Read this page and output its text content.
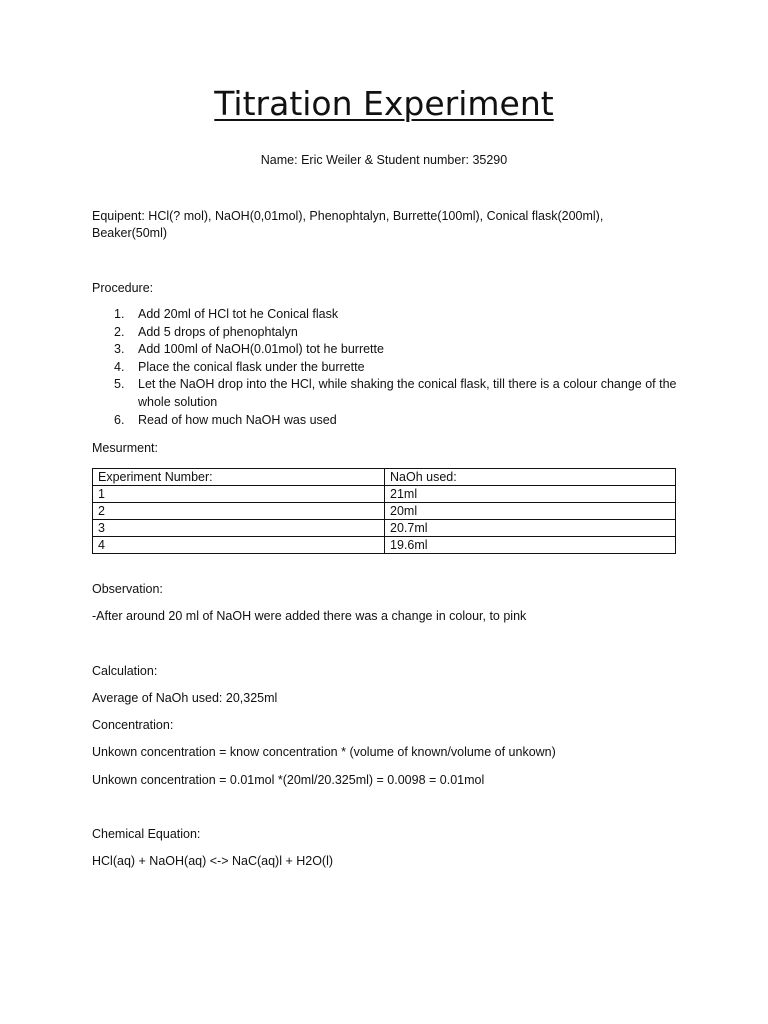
Titration Experiment
Name: Eric Weiler & Student number: 35290
Equipent: HCl(? mol), NaOH(0,01mol), Phenophtalyn, Burrette(100ml), Conical flask(200ml), Beaker(50ml)
Procedure:
1. Add 20ml of HCl tot he Conical flask
2. Add 5 drops of phenophtalyn
3. Add 100ml of NaOH(0.01mol) tot he burrette
4. Place the conical flask under the burrette
5. Let the NaOH drop into the HCl, while shaking the conical flask, till there is a colour change of the whole solution
6. Read of how much NaOH was used
Mesurment:
Experiment Number:	NaOh used:
1	21ml
2	20ml
3	20.7ml
4	19.6ml
Observation:
-After around 20 ml of NaOH were added there was a change in colour, to pink
Calculation:
Average of NaOh used: 20,325ml
Concentration:
Unkown concentration = know concentration * (volume of known/volume of unkown)
Unkown concentration = 0.01mol *(20ml/20.325ml) = 0.0098 = 0.01mol
Chemical Equation:
HCl(aq) + NaOH(aq) <-> NaC(aq)l + H2O(l)
